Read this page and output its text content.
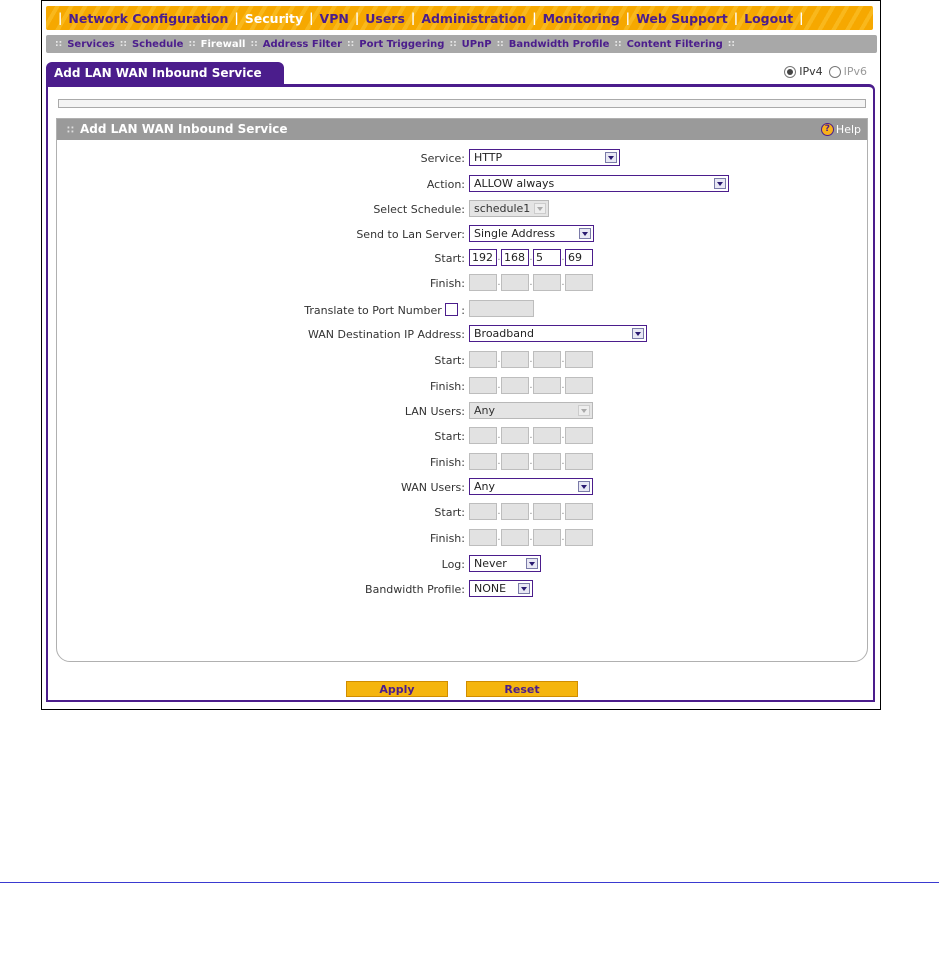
| Network Configuration | Security | VPN | Users | Administration | Monitoring | Web Support | Logout |
:: Services :: Schedule :: Firewall :: Address Filter :: Port Triggering :: UPnP :: Bandwidth Profile :: Content Filtering ::
Add LAN WAN Inbound Service	IPv4 IPv6
∷ Add LAN WAN Inbound Service	? Help
Service: HTTP
Action: ALLOW always
Select Schedule: schedule1
Send to Lan Server: Single Address
Start: 192 . 168 . 5	. 69
Finish:	.	.	.
Translate to Port Number :
WAN Destination IP Address: Broadband
Start:	.	.	.
Finish:	.	.	.
LAN Users: Any
Start:	.	.	.
Finish:	.	.	.
WAN Users: Any
Start:	.	.	.
Finish:	.	.	.
Log: Never
Bandwidth Profile: NONE
Apply	Reset
